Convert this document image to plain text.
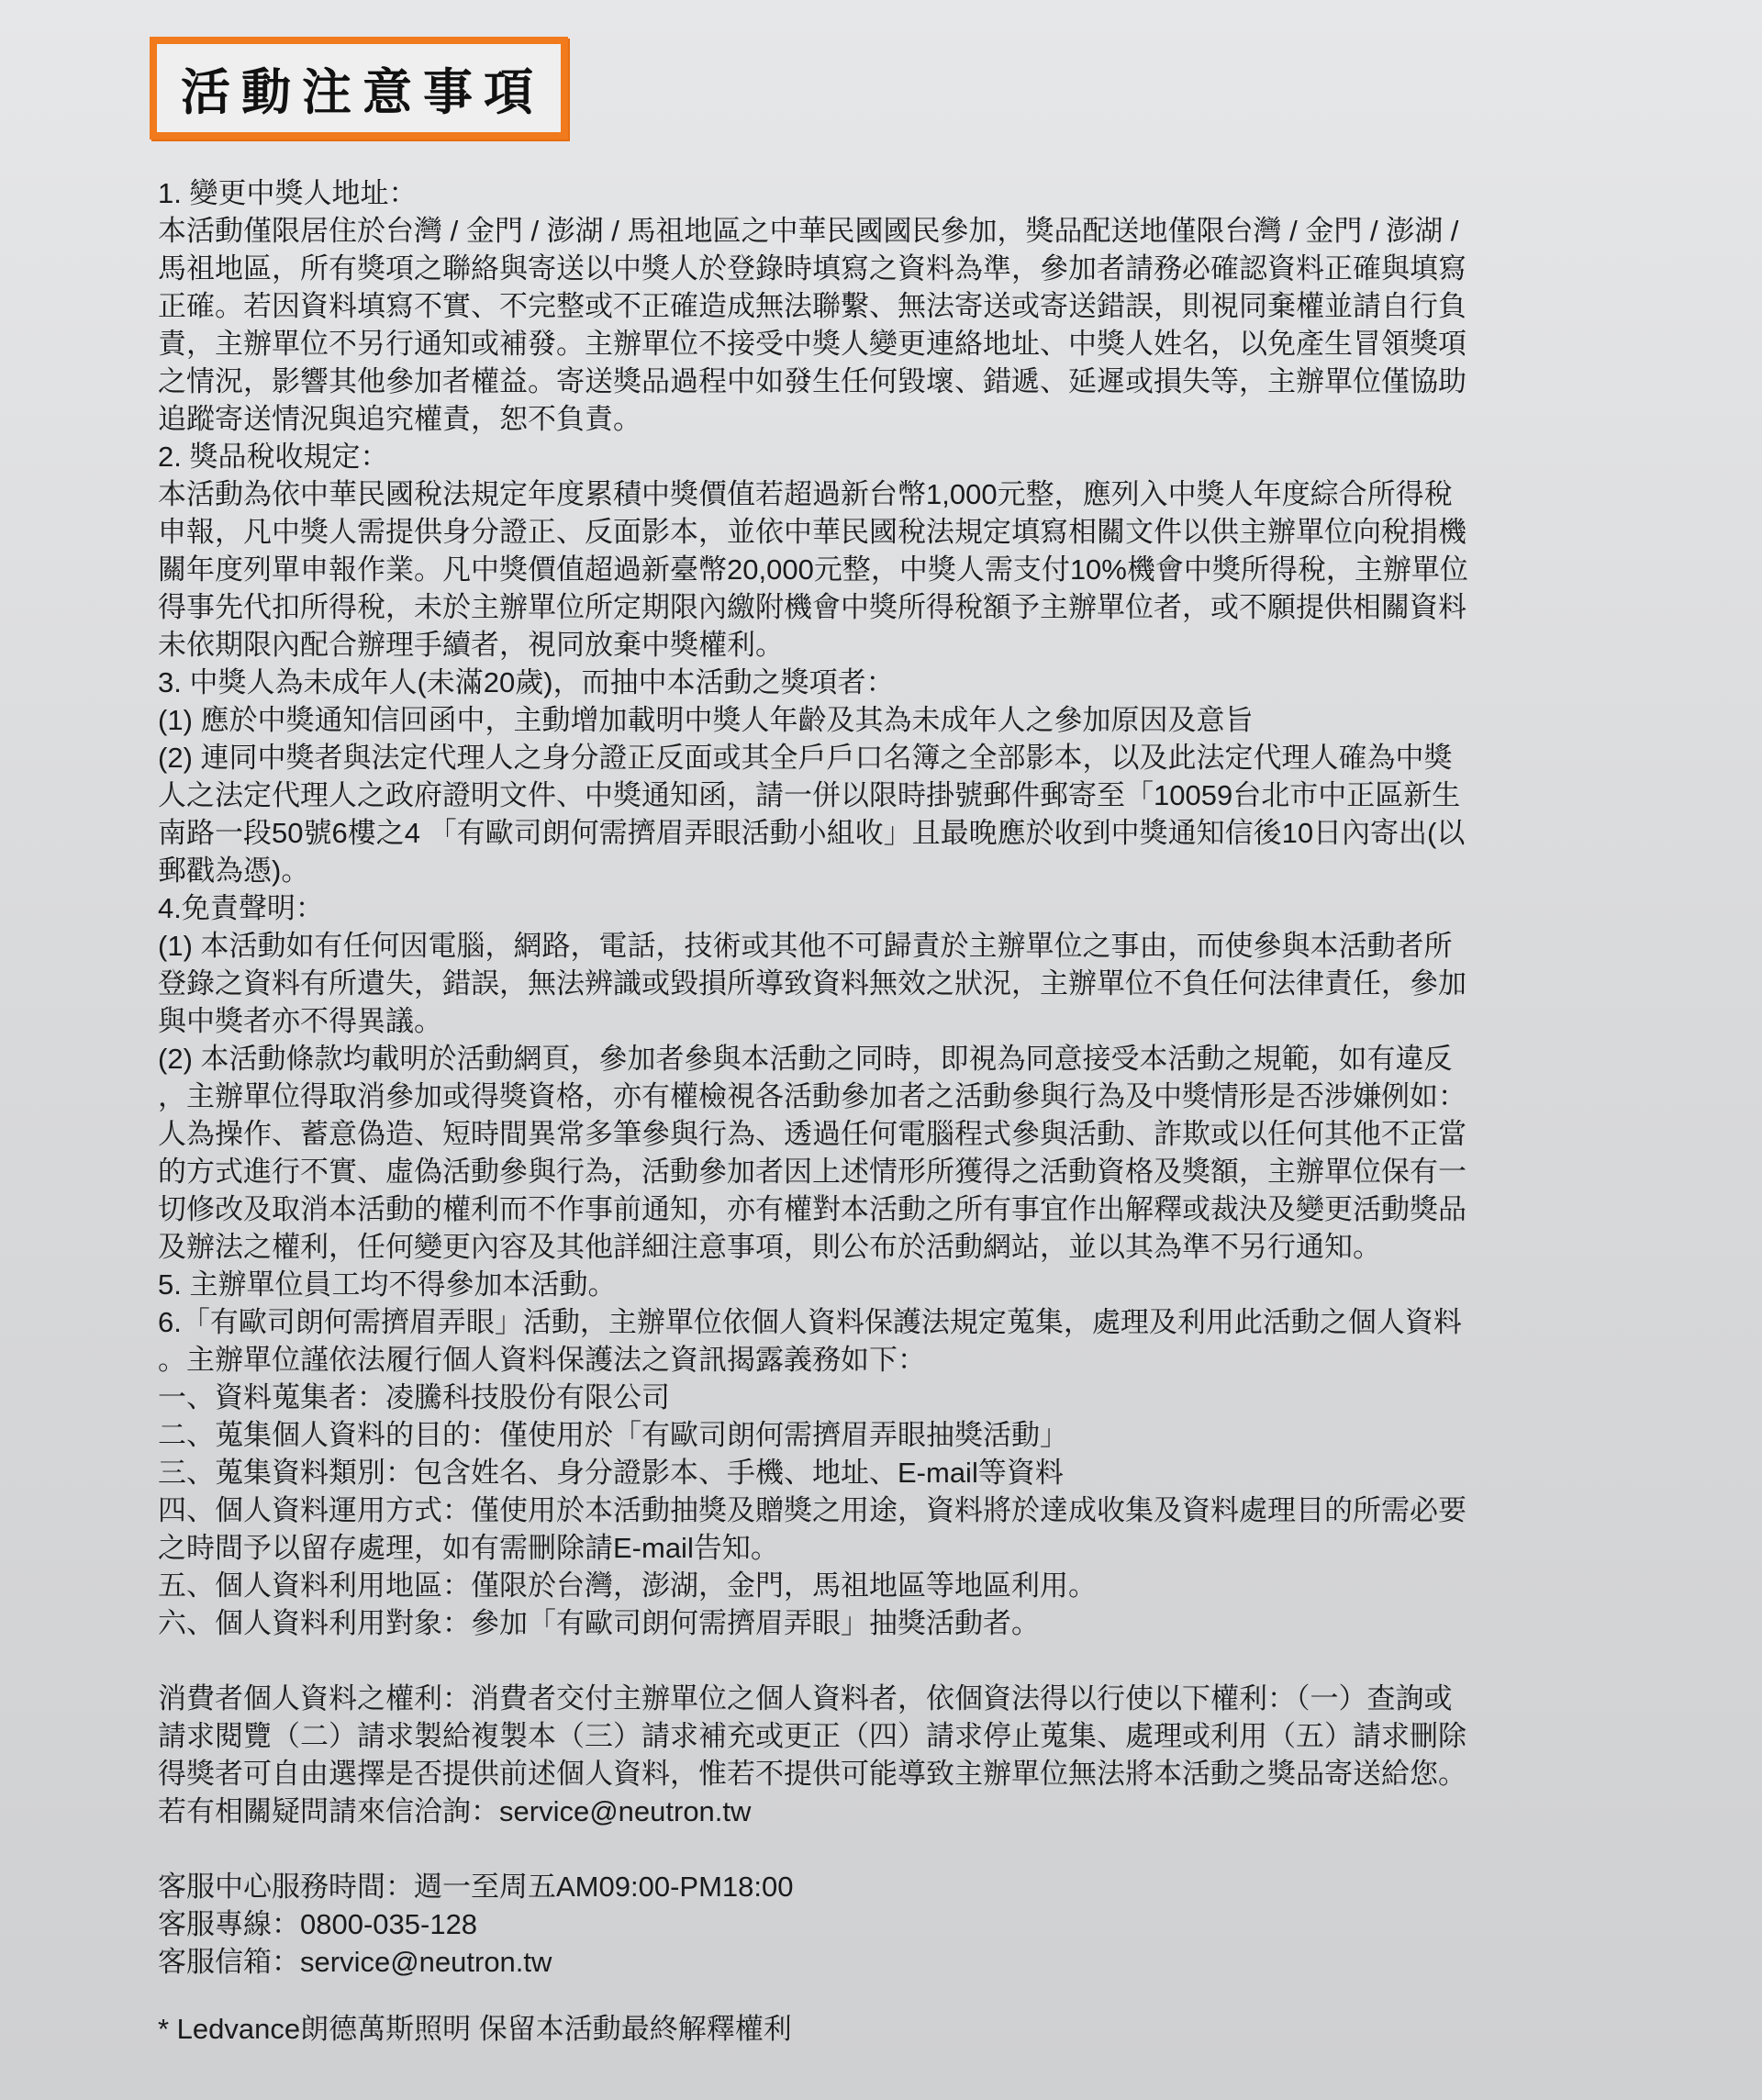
活動注意事項

1. 變更中獎人地址：

本活動僅限居住於台灣 / 金門 / 澎湖 / 馬祖地區之中華民國國民參加，獎品配送地僅限台灣 / 金門 / 澎湖 /

馬祖地區，所有獎項之聯絡與寄送以中獎人於登錄時填寫之資料為準，參加者請務必確認資料正確與填寫

正確。若因資料填寫不實、不完整或不正確造成無法聯繫、無法寄送或寄送錯誤，則視同棄權並請自行負

責，主辦單位不另行通知或補發。主辦單位不接受中獎人變更連絡地址、中獎人姓名，以免產生冒領獎項

之情況，影響其他參加者權益。寄送獎品過程中如發生任何毀壞、錯遞、延遲或損失等，主辦單位僅協助

追蹤寄送情況與追究權責，恕不負責。

2. 獎品稅收規定：

本活動為依中華民國稅法規定年度累積中獎價值若超過新台幣1,000元整，應列入中獎人年度綜合所得稅

申報，凡中獎人需提供身分證正、反面影本，並依中華民國稅法規定填寫相關文件以供主辦單位向稅捐機

關年度列單申報作業。凡中獎價值超過新臺幣20,000元整，中獎人需支付10%機會中獎所得稅，主辦單位

得事先代扣所得稅，未於主辦單位所定期限內繳附機會中獎所得稅額予主辦單位者，或不願提供相關資料

未依期限內配合辦理手續者，視同放棄中獎權利。

3. 中獎人為未成年人(未滿20歲)，而抽中本活動之獎項者：

(1) 應於中獎通知信回函中，主動增加載明中獎人年齡及其為未成年人之參加原因及意旨

(2) 連同中獎者與法定代理人之身分證正反面或其全戶戶口名簿之全部影本，以及此法定代理人確為中獎

人之法定代理人之政府證明文件、中獎通知函，請一併以限時掛號郵件郵寄至「10059台北市中正區新生

南路一段50號6樓之4 「有歐司朗何需擠眉弄眼活動小組收」且最晚應於收到中獎通知信後10日內寄出(以

郵戳為憑)。

4.免責聲明：

(1) 本活動如有任何因電腦，網路，電話，技術或其他不可歸責於主辦單位之事由，而使參與本活動者所

登錄之資料有所遺失，錯誤，無法辨識或毀損所導致資料無效之狀況，主辦單位不負任何法律責任，參加

與中獎者亦不得異議。

(2) 本活動條款均載明於活動網頁，參加者參與本活動之同時，即視為同意接受本活動之規範，如有違反

，主辦單位得取消參加或得獎資格，亦有權檢視各活動參加者之活動參與行為及中獎情形是否涉嫌例如：

人為操作、蓄意偽造、短時間異常多筆參與行為、透過任何電腦程式參與活動、詐欺或以任何其他不正當

的方式進行不實、虛偽活動參與行為，活動參加者因上述情形所獲得之活動資格及獎額，主辦單位保有一

切修改及取消本活動的權利而不作事前通知，亦有權對本活動之所有事宜作出解釋或裁決及變更活動獎品

及辦法之權利，任何變更內容及其他詳細注意事項，則公布於活動網站，並以其為準不另行通知。

5. 主辦單位員工均不得參加本活動。

6.「有歐司朗何需擠眉弄眼」活動，主辦單位依個人資料保護法規定蒐集，處理及利用此活動之個人資料

。主辦單位謹依法履行個人資料保護法之資訊揭露義務如下：

一、資料蒐集者：凌騰科技股份有限公司

二、蒐集個人資料的目的：僅使用於「有歐司朗何需擠眉弄眼抽獎活動」

三、蒐集資料類別：包含姓名、身分證影本、手機、地址、E-mail等資料

四、個人資料運用方式：僅使用於本活動抽獎及贈獎之用途，資料將於達成收集及資料處理目的所需必要

之時間予以留存處理，如有需刪除請E-mail告知。

五、個人資料利用地區：僅限於台灣，澎湖，金門，馬祖地區等地區利用。

六、個人資料利用對象：參加「有歐司朗何需擠眉弄眼」抽獎活動者。

消費者個人資料之權利：消費者交付主辦單位之個人資料者，依個資法得以行使以下權利：（一）查詢或

請求閱覽（二）請求製給複製本（三）請求補充或更正（四）請求停止蒐集、處理或利用（五）請求刪除

得獎者可自由選擇是否提供前述個人資料，惟若不提供可能導致主辦單位無法將本活動之獎品寄送給您。

若有相關疑問請來信洽詢：service@neutron.tw

客服中心服務時間：週一至周五AM09:00-PM18:00

客服專線：0800-035-128

客服信箱：service@neutron.tw

* Ledvance朗德萬斯照明 保留本活動最終解釋權利
